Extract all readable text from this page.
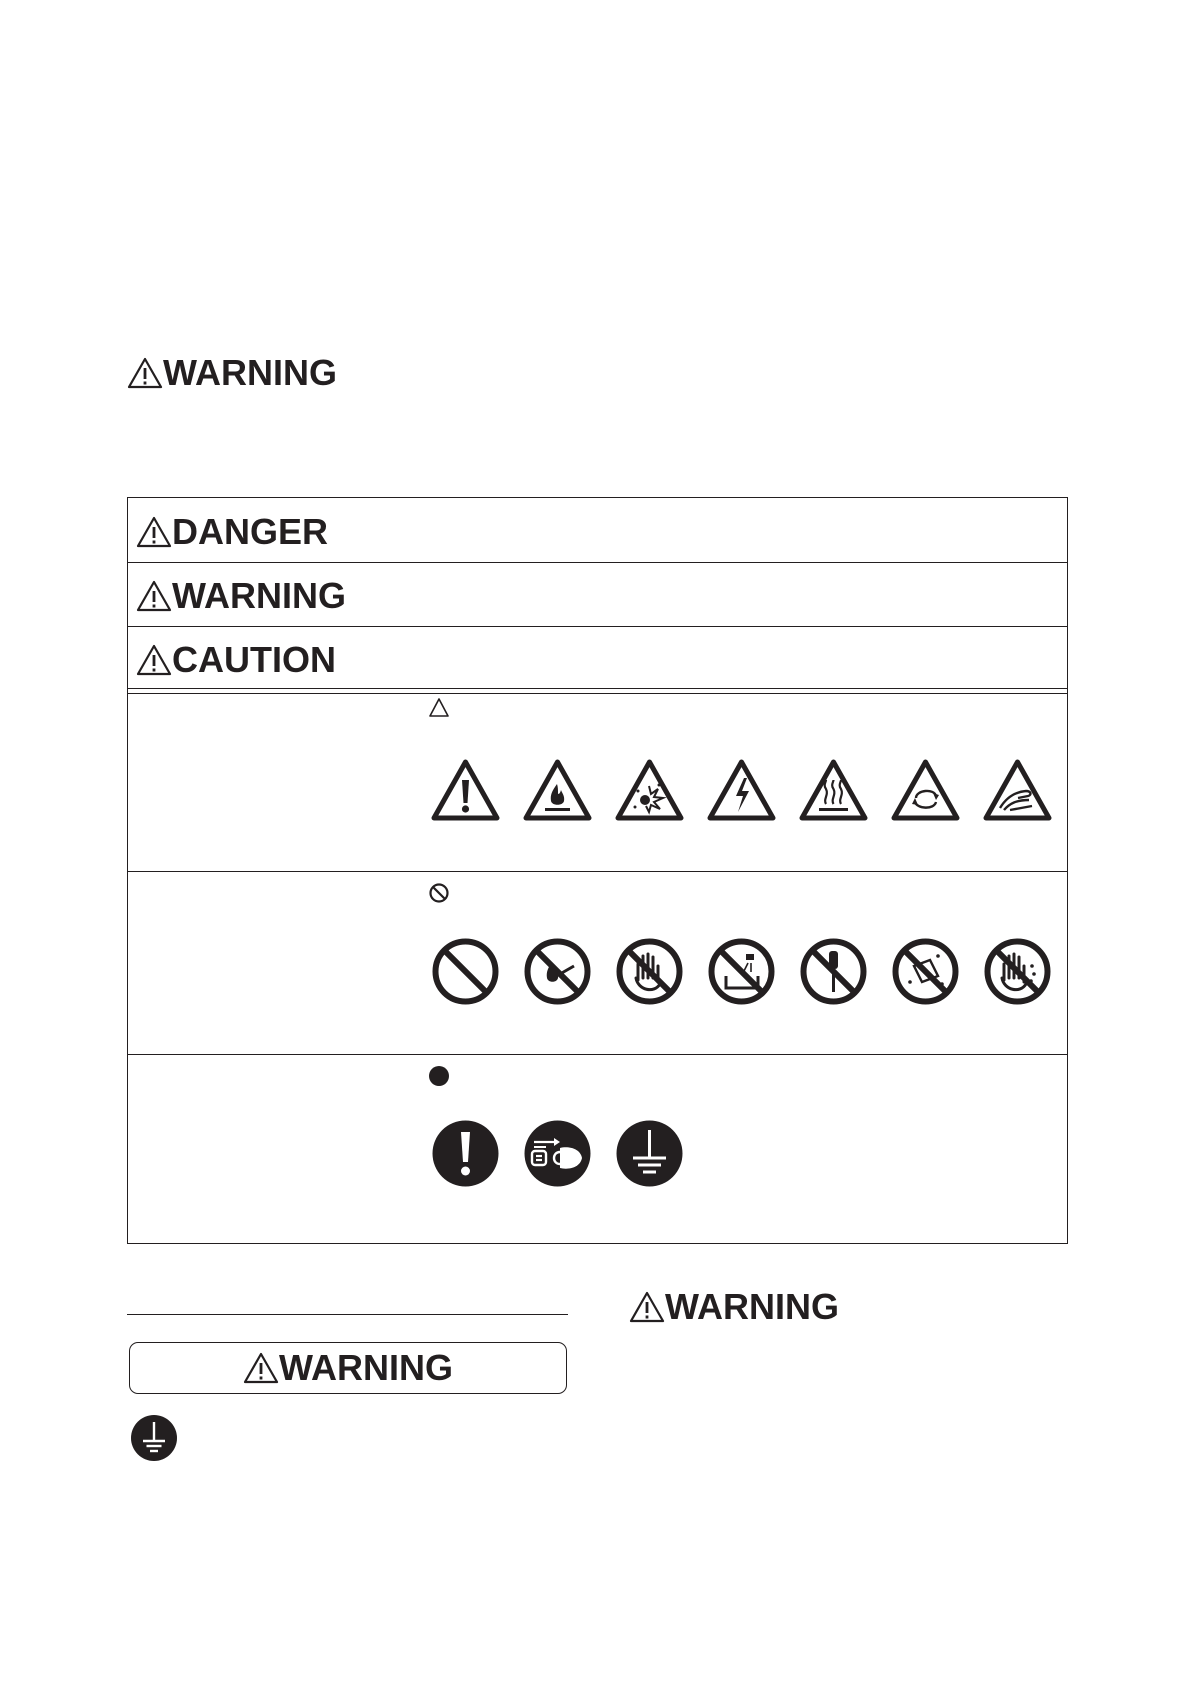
WARNING
DANGER
WARNING
CAUTION
WARNING
WARNING
